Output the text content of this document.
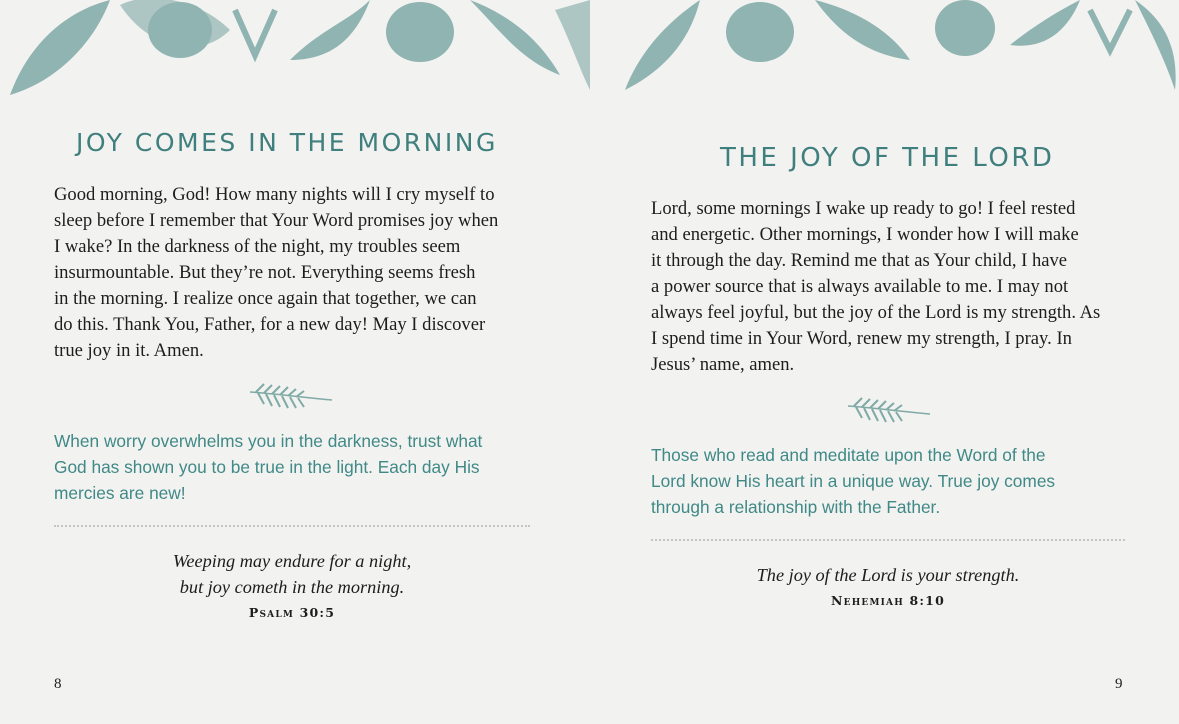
JOY COMES IN THE MORNING
Good morning, God! How many nights will I cry myself to
sleep before I remember that Your Word promises joy when
I wake? In the darkness of the night, my troubles seem
insurmountable. But they’re not. Everything seems fresh
in the morning. I realize once again that together, we can
do this. Thank You, Father, for a new day! May I discover
true joy in it. Amen.
When worry overwhelms you in the darkness, trust what
God has shown you to be true in the light. Each day His
mercies are new!
Weeping may endure for a night,
but joy cometh in the morning.
Psalm 30:5
8
THE JOY OF THE LORD
Lord, some mornings I wake up ready to go! I feel rested
and energetic. Other mornings, I wonder how I will make
it through the day. Remind me that as Your child, I have
a power source that is always available to me. I may not
always feel joyful, but the joy of the Lord is my strength. As
I spend time in Your Word, renew my strength, I pray. In
Jesus’ name, amen.
Those who read and meditate upon the Word of the
Lord know His heart in a unique way. True joy comes
through a relationship with the Father.
The joy of the Lord is your strength.
Nehemiah 8:10
9
